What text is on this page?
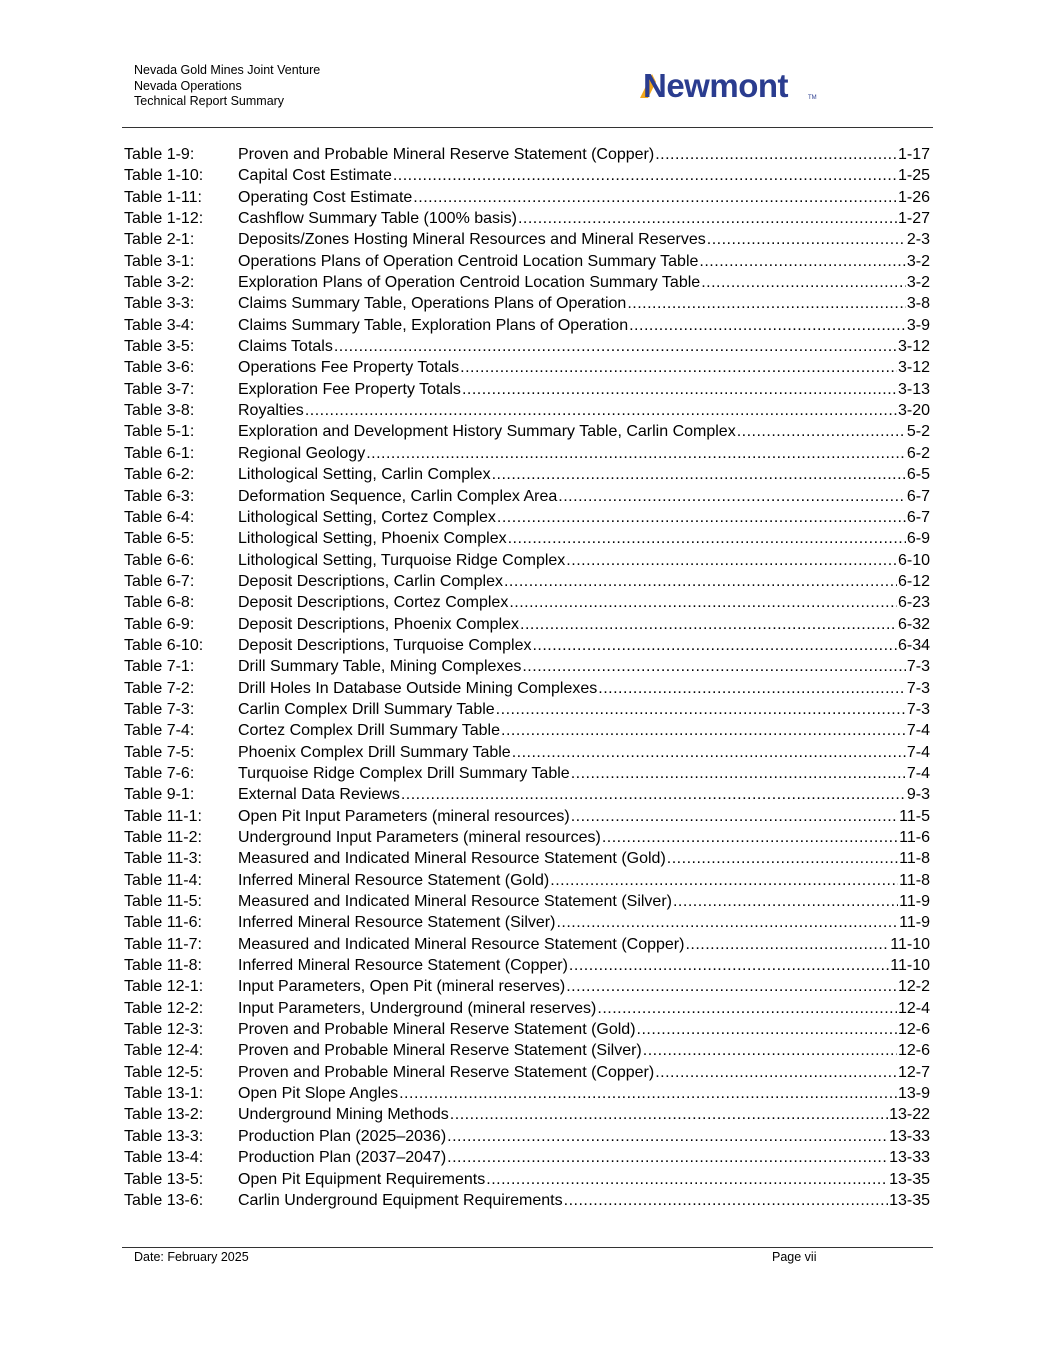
Nevada Gold Mines Joint Venture
Nevada Operations
Technical Report Summary	Newmont	TM
Table 1-9:	Proven and Probable Mineral Reserve Statement (Copper) .....	1-17
Table 1-10:	Capital Cost Estimate .....	1-25
Table 1-11:	Operating Cost Estimate .....	1-26
Table 1-12:	Cashflow Summary Table (100% basis) .....	1-27
Table 2-1:	Deposits/Zones Hosting Mineral Resources and Mineral Reserves .....	2-3
Table 3-1:	Operations Plans of Operation Centroid Location Summary Table .....	3-2
Table 3-2:	Exploration Plans of Operation Centroid Location Summary Table .....	3-2
Table 3-3:	Claims Summary Table, Operations Plans of Operation .....	3-8
Table 3-4:	Claims Summary Table, Exploration Plans of Operation .....	3-9
Table 3-5:	Claims Totals .....	3-12
Table 3-6:	Operations Fee Property Totals .....	3-12
Table 3-7:	Exploration Fee Property Totals .....	3-13
Table 3-8:	Royalties .....	3-20
Table 5-1:	Exploration and Development History Summary Table, Carlin Complex .....	5-2
Table 6-1:	Regional Geology .....	6-2
Table 6-2:	Lithological Setting, Carlin Complex .....	6-5
Table 6-3:	Deformation Sequence, Carlin Complex Area .....	6-7
Table 6-4:	Lithological Setting, Cortez Complex .....	6-7
Table 6-5:	Lithological Setting, Phoenix Complex .....	6-9
Table 6-6:	Lithological Setting, Turquoise Ridge Complex .....	6-10
Table 6-7:	Deposit Descriptions, Carlin Complex .....	6-12
Table 6-8:	Deposit Descriptions, Cortez Complex .....	6-23
Table 6-9:	Deposit Descriptions, Phoenix Complex .....	6-32
Table 6-10:	Deposit Descriptions, Turquoise Complex .....	6-34
Table 7-1:	Drill Summary Table, Mining Complexes .....	7-3
Table 7-2:	Drill Holes In Database Outside Mining Complexes .....	7-3
Table 7-3:	Carlin Complex Drill Summary Table .....	7-3
Table 7-4:	Cortez Complex Drill Summary Table .....	7-4
Table 7-5:	Phoenix Complex Drill Summary Table .....	7-4
Table 7-6:	Turquoise Ridge Complex Drill Summary Table .....	7-4
Table 9-1:	External Data Reviews .....	9-3
Table 11-1:	Open Pit Input Parameters (mineral resources) .....	11-5
Table 11-2:	Underground Input Parameters (mineral resources) .....	11-6
Table 11-3:	Measured and Indicated Mineral Resource Statement (Gold) .....	11-8
Table 11-4:	Inferred Mineral Resource Statement (Gold) .....	11-8
Table 11-5:	Measured and Indicated Mineral Resource Statement (Silver) .....	11-9
Table 11-6:	Inferred Mineral Resource Statement (Silver) .....	11-9
Table 11-7:	Measured and Indicated Mineral Resource Statement (Copper) .....	11-10
Table 11-8:	Inferred Mineral Resource Statement (Copper) .....	11-10
Table 12-1:	Input Parameters, Open Pit (mineral reserves) .....	12-2
Table 12-2:	Input Parameters, Underground (mineral reserves) .....	12-4
Table 12-3:	Proven and Probable Mineral Reserve Statement (Gold) .....	12-6
Table 12-4:	Proven and Probable Mineral Reserve Statement (Silver) .....	12-6
Table 12-5:	Proven and Probable Mineral Reserve Statement (Copper) .....	12-7
Table 13-1:	Open Pit Slope Angles .....	13-9
Table 13-2:	Underground Mining Methods .....	13-22
Table 13-3:	Production Plan (2025–2036) .....	13-33
Table 13-4:	Production Plan (2037–2047) .....	13-33
Table 13-5:	Open Pit Equipment Requirements .....	13-35
Table 13-6:	Carlin Underground Equipment Requirements .....	13-35
Date: February 2025	Page vii
